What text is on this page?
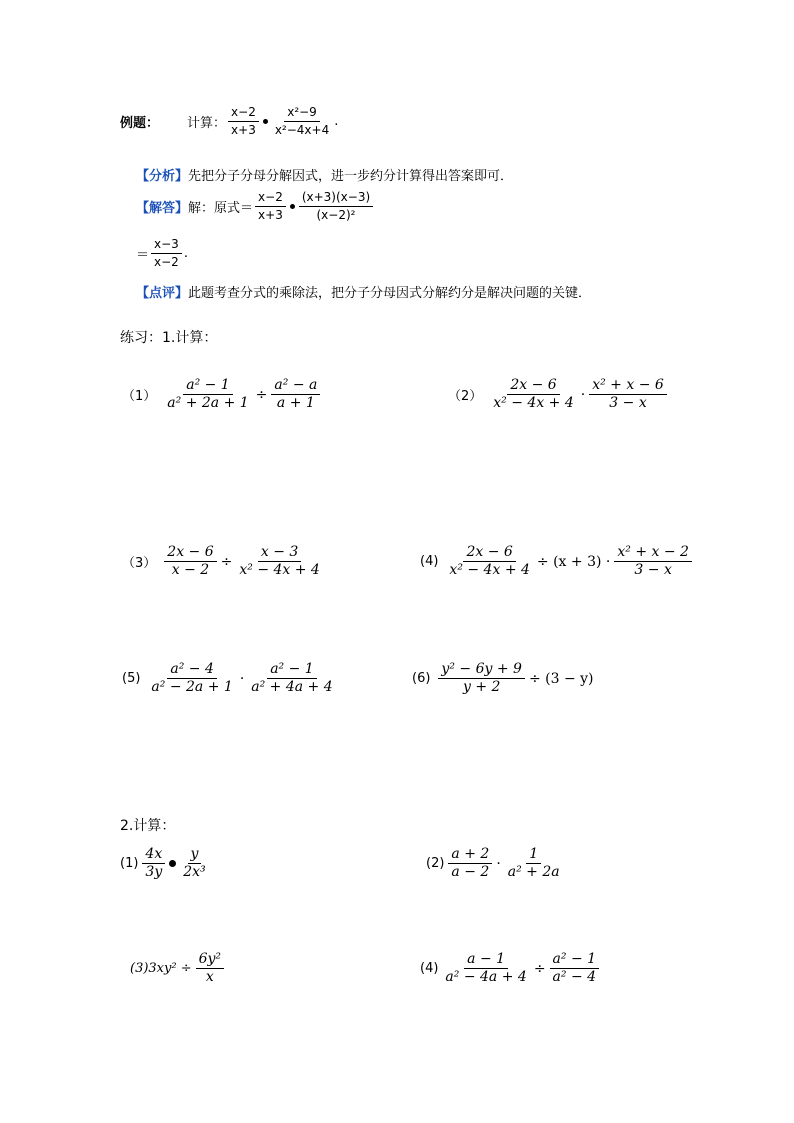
例题： 计算： $\frac{x-2}{x+3} \frac{\text{x²−9}}{\text{x²−4x+4}}$ .
【分析】先把分子分母分解因式，进一步约分计算得出答案即可．
【解答】 解：原式＝ $\frac{x-2}{x+3} \frac{(x+3)(x-3)}{\text{(x−2)²}}$
＝ $\frac{x-3}{x-2}$ .
【点评】此题考查分式的乘除法，把分子分母因式分解约分是解决问题的关键．
练习：1.计算：
$(1) \frac{\text{a² − 1}}{\text{a² + 2a + 1}} \div \frac{\text{a² − a}}{a + 1}$	$(2) \frac{2x - 6}{\text{x² − 4x + 4}} \cdot \frac{\text{x² + x − 6}}{3 - x}$
$(3) \frac{2x - 6}{x - 2} \div \frac{x - 3}{\text{x² − 4x + 4}}$	$(4) \frac{2x - 6}{\text{x² − 4x + 4}} \div (x + 3) \cdot \frac{\text{x² + x − 2}}{3 - x}$
$(5) \frac{\text{a² − 4}}{\text{a² − 2a + 1}} \cdot \frac{\text{a² − 1}}{\text{a² + 4a + 4}}$	$(6) \frac{\text{y² − 6y + 9}}{y + 2} \div (3 - y)$
2.计算：
$(1) \frac{4x}{3y} \frac{y}{\text{2x³}}$	$(2) \frac{a + 2}{a - 2} \cdot \frac{1}{\text{a² + 2a}}$
$(3)3xy^2 \div \frac{\text{6y²}}{x}$	$(4) \frac{a - 1}{\text{a² − 4a + 4}} \div \frac{\text{a² − 1}}{\text{a² − 4}}$
